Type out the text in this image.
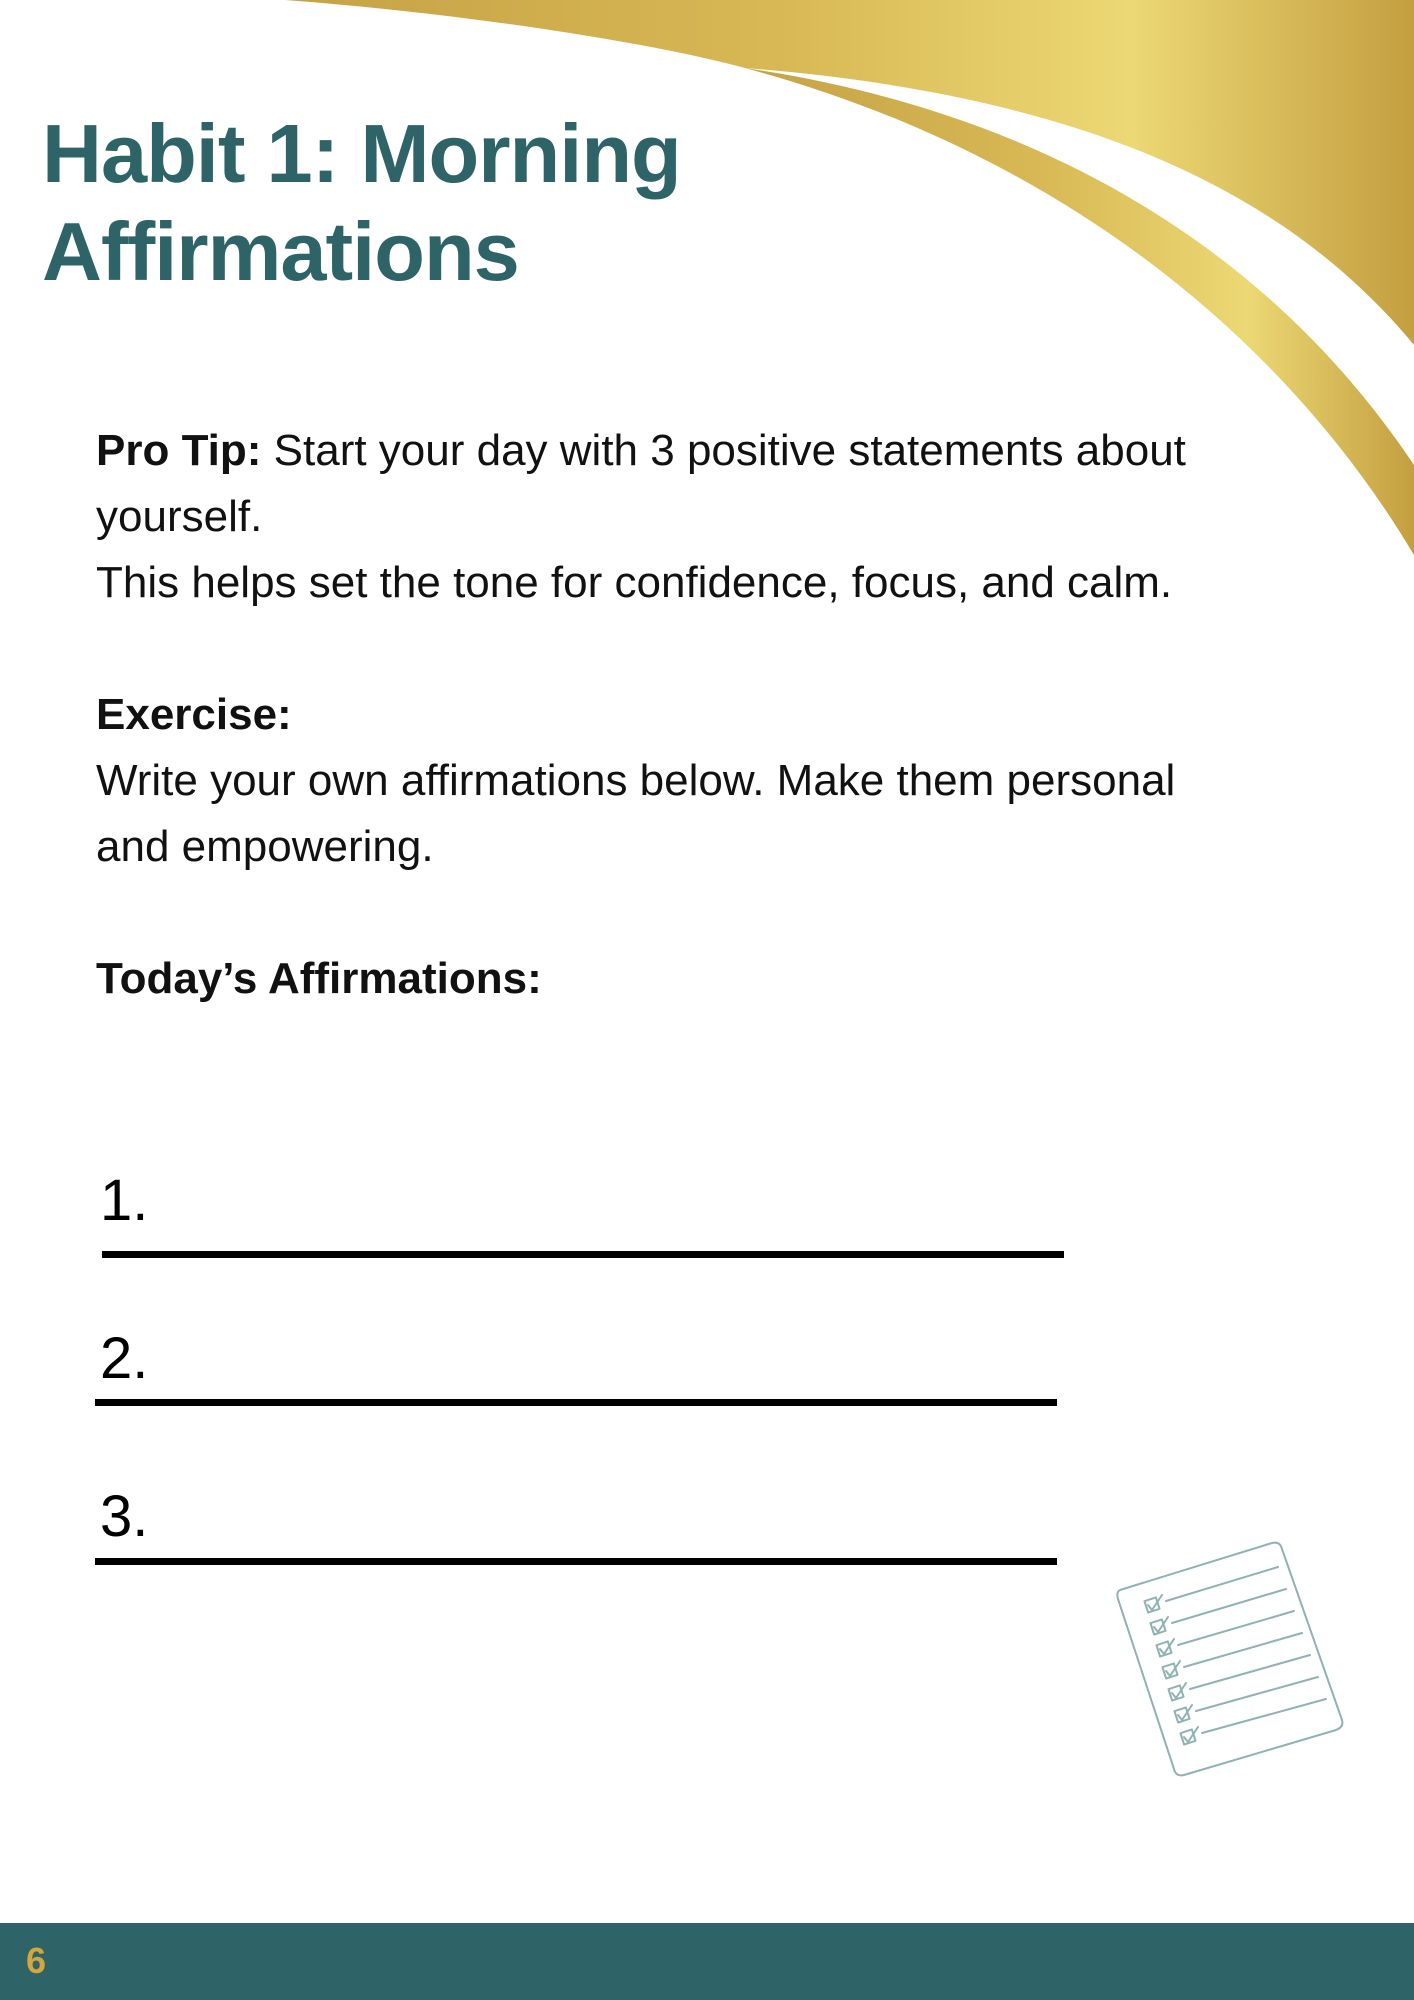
Habit 1: Morning
Affirmations

Pro Tip: Start your day with 3 positive statements about yourself.

This helps set the tone for confidence, focus, and calm.

Exercise:

Write your own affirmations below. Make them personal and empowering.

Today’s Affirmations:

1.
2.
3.
6
